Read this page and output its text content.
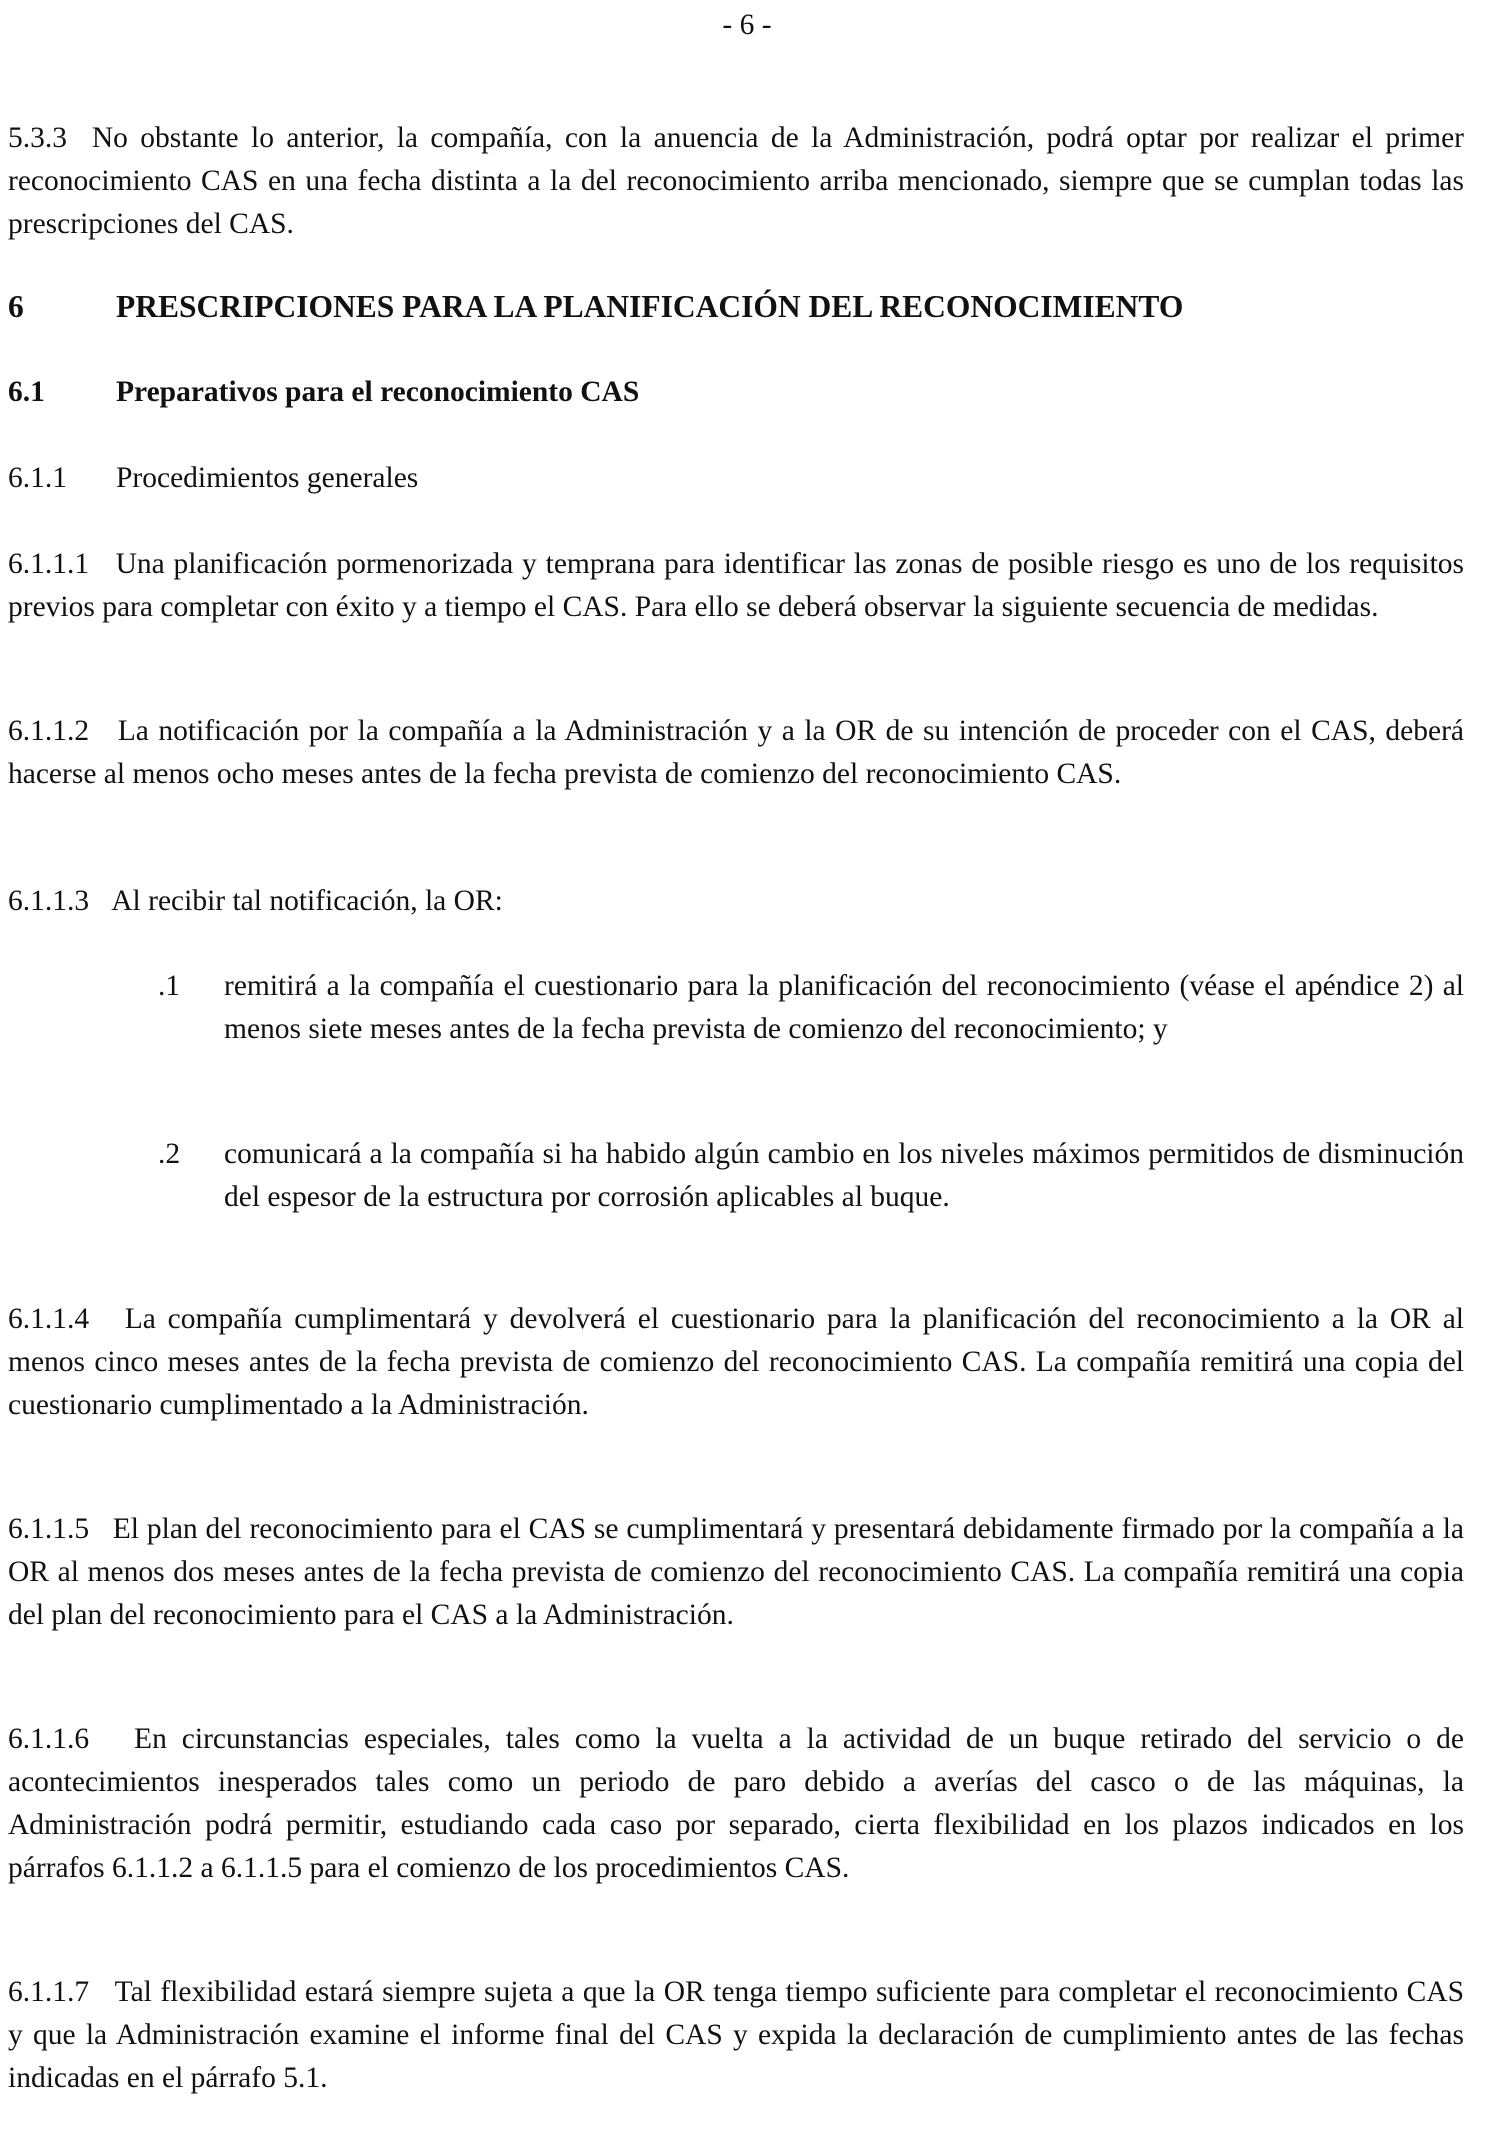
- 6 -

5.3.3 No obstante lo anterior, la compañía, con la anuencia de la Administración, podrá optar por realizar el primer reconocimiento CAS en una fecha distinta a la del reconocimiento arriba mencionado, siempre que se cumplan todas las prescripciones del CAS.

6	PRESCRIPCIONES PARA LA PLANIFICACIÓN DEL RECONOCIMIENTO

6.1 Preparativos para el reconocimiento CAS

6.1.1 Procedimientos generales

6.1.1.1 Una planificación pormenorizada y temprana para identificar las zonas de posible riesgo es uno de los requisitos previos para completar con éxito y a tiempo el CAS. Para ello se deberá observar la siguiente secuencia de medidas.

6.1.1.2 La notificación por la compañía a la Administración y a la OR de su intención de proceder con el CAS, deberá hacerse al menos ocho meses antes de la fecha prevista de comienzo del reconocimiento CAS.

6.1.1.3 Al recibir tal notificación, la OR:

.1 remitirá a la compañía el cuestionario para la planificación del reconocimiento (véase el apéndice 2) al menos siete meses antes de la fecha prevista de comienzo del reconocimiento; y
.2 comunicará a la compañía si ha habido algún cambio en los niveles máximos permitidos de disminución del espesor de la estructura por corrosión aplicables al buque.

6.1.1.4 La compañía cumplimentará y devolverá el cuestionario para la planificación del reconocimiento a la OR al menos cinco meses antes de la fecha prevista de comienzo del reconocimiento CAS. La compañía remitirá una copia del cuestionario cumplimentado a la Administración.

6.1.1.5 El plan del reconocimiento para el CAS se cumplimentará y presentará debidamente firmado por la compañía a la OR al menos dos meses antes de la fecha prevista de comienzo del reconocimiento CAS. La compañía remitirá una copia del plan del reconocimiento para el CAS a la Administración.

6.1.1.6 En circunstancias especiales, tales como la vuelta a la actividad de un buque retirado del servicio o de acontecimientos inesperados tales como un periodo de paro debido a averías del casco o de las máquinas, la Administración podrá permitir, estudiando cada caso por separado, cierta flexibilidad en los plazos indicados en los párrafos 6.1.1.2 a 6.1.1.5 para el comienzo de los procedimientos CAS.

6.1.1.7 Tal flexibilidad estará siempre sujeta a que la OR tenga tiempo suficiente para completar el reconocimiento CAS y que la Administración examine el informe final del CAS y expida la declaración de cumplimiento antes de las fechas indicadas en el párrafo 5.1.
